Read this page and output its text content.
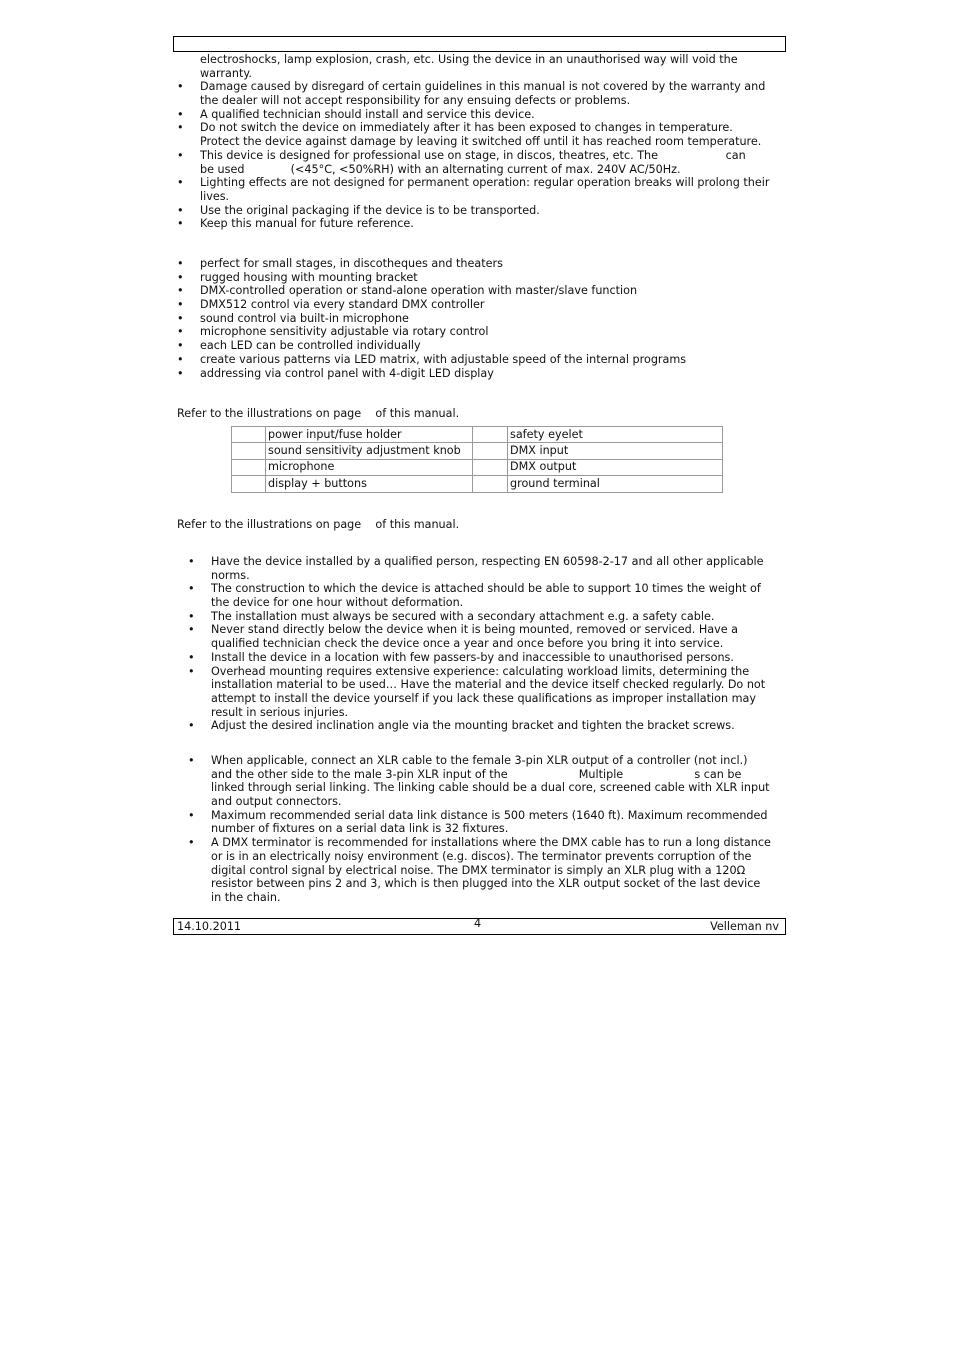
electroshocks, lamp explosion, crash, etc. Using the device in an unauthorised way will void the
warranty.
•	Damage caused by disregard of certain guidelines in this manual is not covered by the warranty and
the dealer will not accept responsibility for any ensuing defects or problems.
•	A qualified technician should install and service this device.
•	Do not switch the device on immediately after it has been exposed to changes in temperature.
Protect the device against damage by leaving it switched off until it has reached room temperature.
•	This device is designed for professional use on stage, in discos, theatres, etc. The                   can
be used             (<45°C, <50%RH) with an alternating current of max. 240V AC/50Hz.
•	Lighting effects are not designed for permanent operation: regular operation breaks will prolong their
lives.
•	Use the original packaging if the device is to be transported.
•	Keep this manual for future reference.
•	perfect for small stages, in discotheques and theaters
•	rugged housing with mounting bracket
•	DMX-controlled operation or stand-alone operation with master/slave function
•	DMX512 control via every standard DMX controller
•	sound control via built-in microphone
•	microphone sensitivity adjustable via rotary control
•	each LED can be controlled individually
•	create various patterns via LED matrix, with adjustable speed of the internal programs
•	addressing via control panel with 4-digit LED display
Refer to the illustrations on page    of this manual.
	power input/fuse holder		safety eyelet
	sound sensitivity adjustment knob		DMX input
	microphone		DMX output
	display + buttons		ground terminal
Refer to the illustrations on page    of this manual.
•	Have the device installed by a qualified person, respecting EN 60598-2-17 and all other applicable
norms.
•	The construction to which the device is attached should be able to support 10 times the weight of
the device for one hour without deformation.
•	The installation must always be secured with a secondary attachment e.g. a safety cable.
•	Never stand directly below the device when it is being mounted, removed or serviced. Have a
qualified technician check the device once a year and once before you bring it into service.
•	Install the device in a location with few passers-by and inaccessible to unauthorised persons.
•	Overhead mounting requires extensive experience: calculating workload limits, determining the
installation material to be used… Have the material and the device itself checked regularly. Do not
attempt to install the device yourself if you lack these qualifications as improper installation may
result in serious injuries.
•	Adjust the desired inclination angle via the mounting bracket and tighten the bracket screws.
•	When applicable, connect an XLR cable to the female 3-pin XLR output of a controller (not incl.)
and the other side to the male 3-pin XLR input of the                    Multiple                    s can be
linked through serial linking. The linking cable should be a dual core, screened cable with XLR input
and output connectors.
•	Maximum recommended serial data link distance is 500 meters (1640 ft). Maximum recommended
number of fixtures on a serial data link is 32 fixtures.
•	A DMX terminator is recommended for installations where the DMX cable has to run a long distance
or is in an electrically noisy environment (e.g. discos). The terminator prevents corruption of the
digital control signal by electrical noise. The DMX terminator is simply an XLR plug with a 120Ω
resistor between pins 2 and 3, which is then plugged into the XLR output socket of the last device
in the chain.
14.10.2011	4	Velleman nv
